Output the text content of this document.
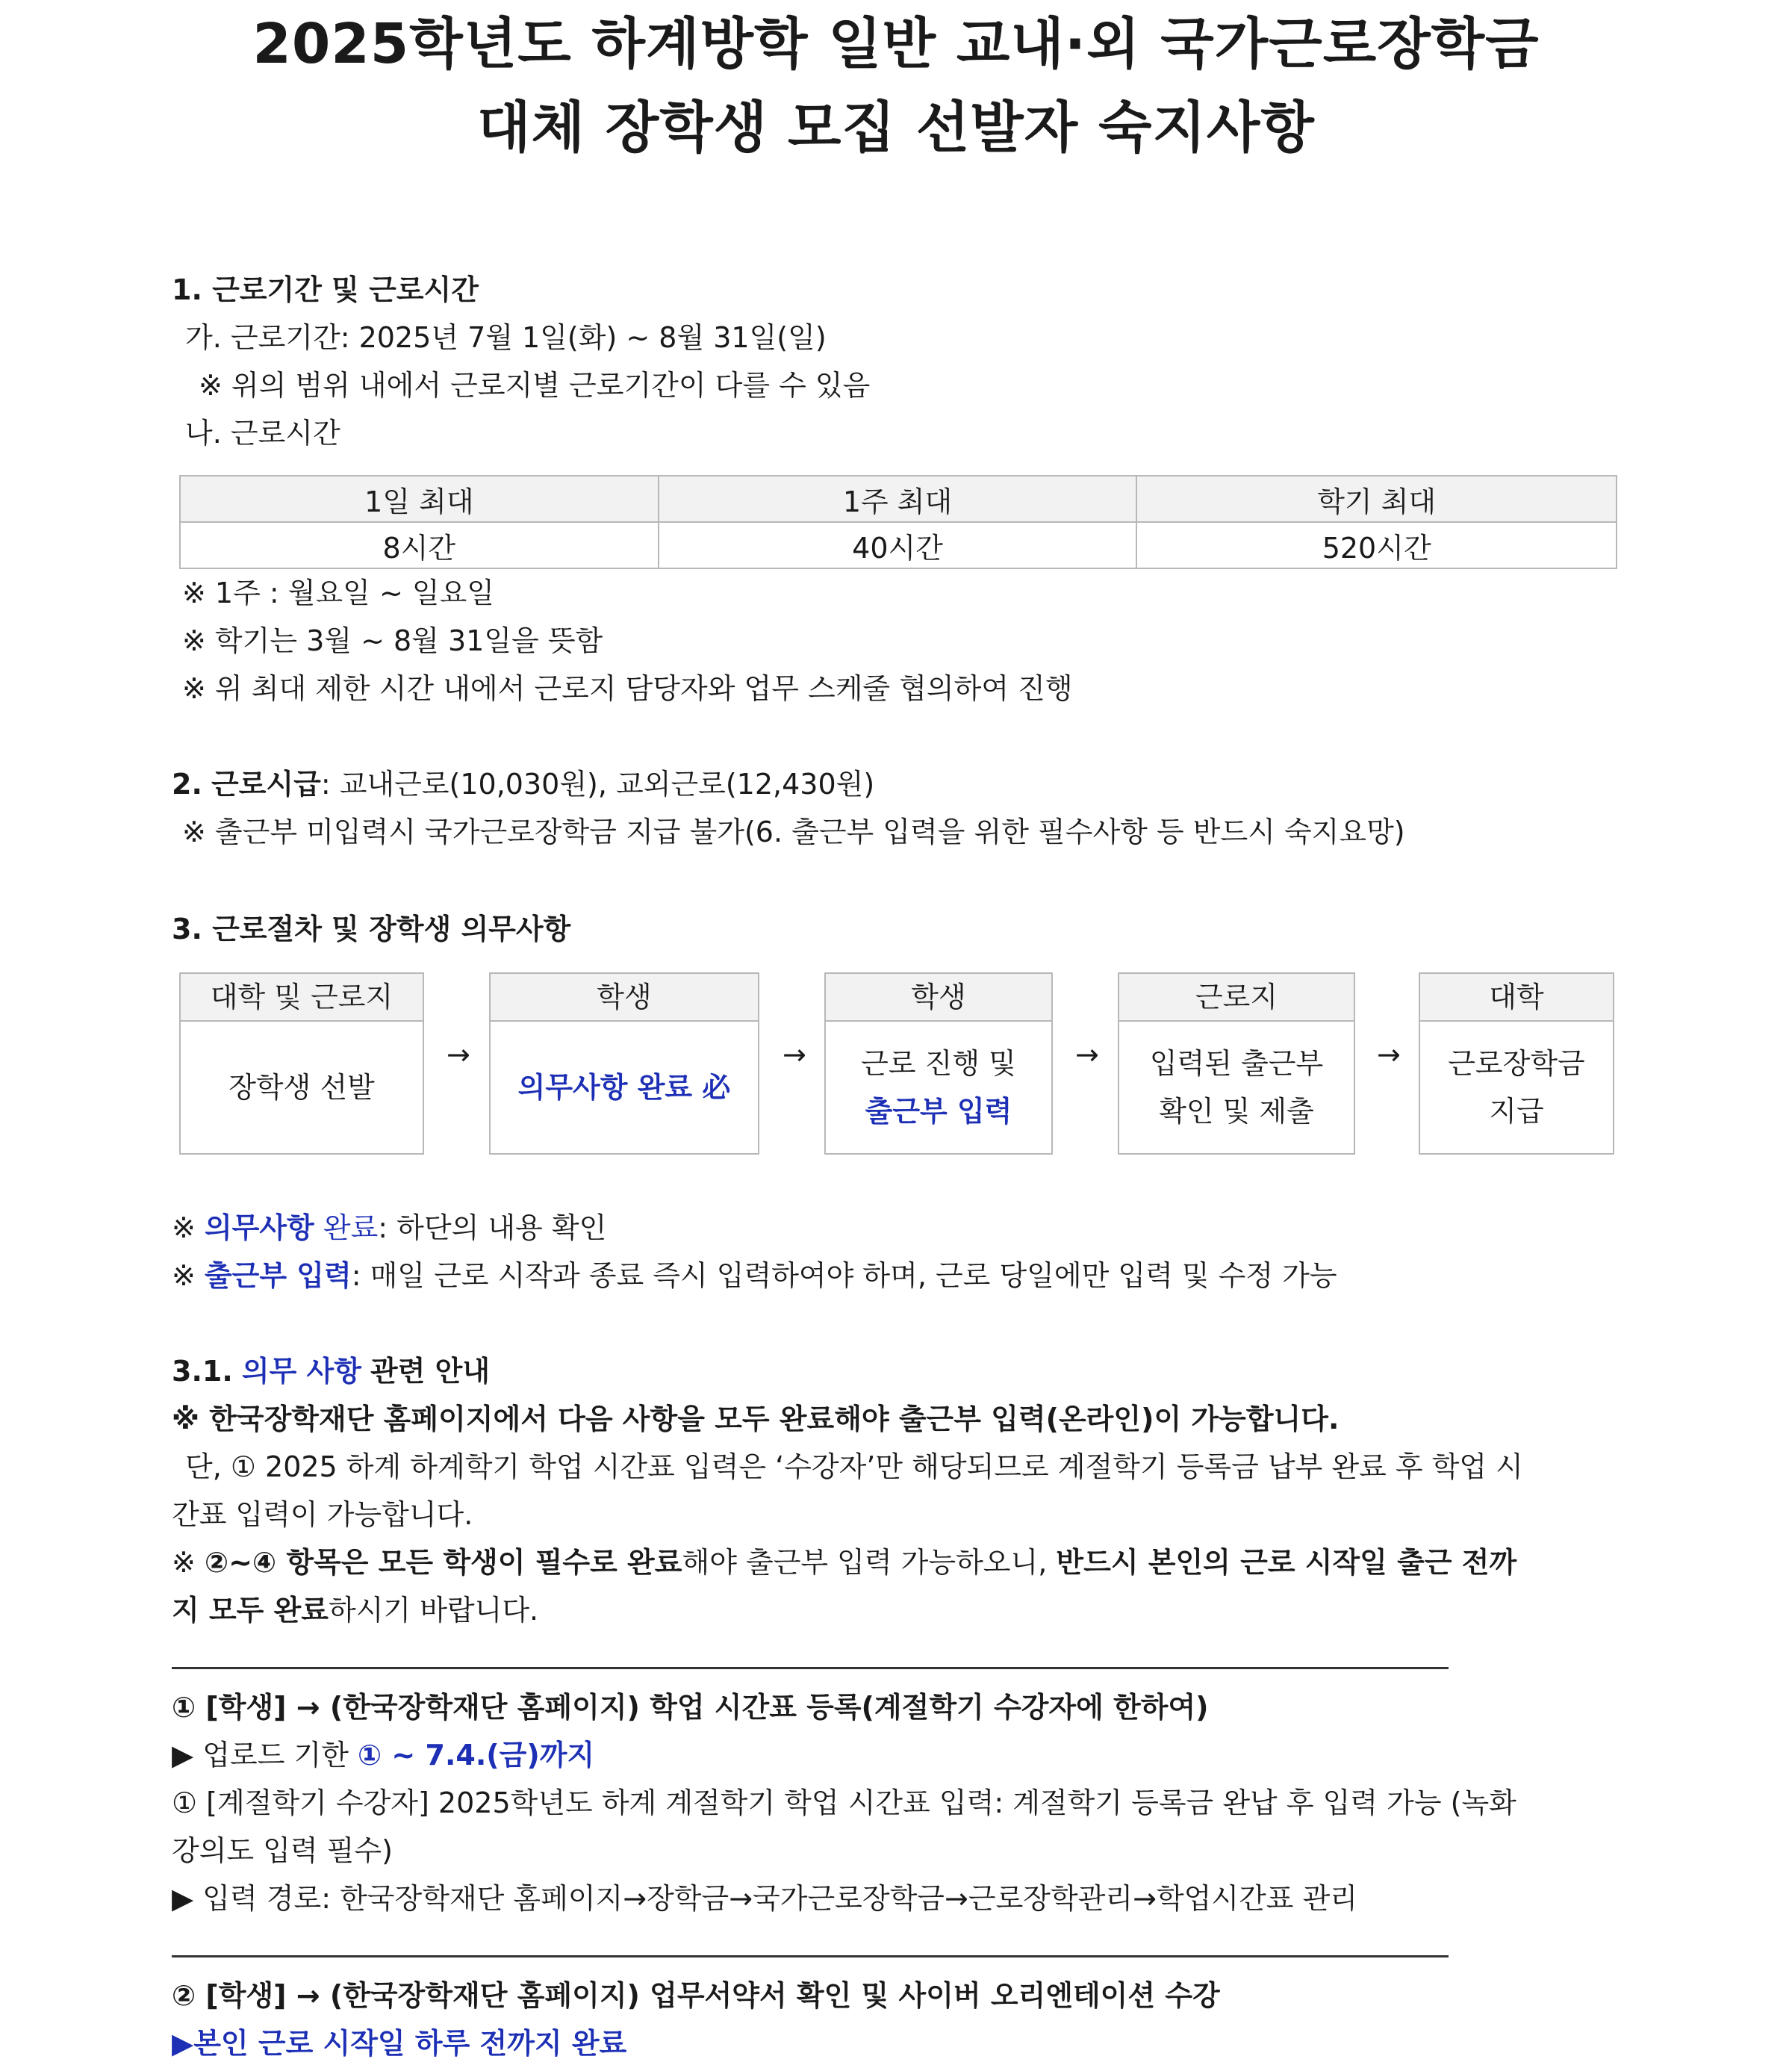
2025학년도 하계방학 일반 교내·외 국가근로장학금
대체 장학생 모집 선발자 숙지사항
1. 근로기간 및 근로시간
가. 근로기간: 2025년 7월 1일(화) ~ 8월 31일(일)
※ 위의 범위 내에서 근로지별 근로기간이 다를 수 있음
나. 근로시간
1일 최대	1주 최대	학기 최대
8시간	40시간	520시간
※ 1주 : 월요일 ~ 일요일
※ 학기는 3월 ~ 8월 31일을 뜻함
※ 위 최대 제한 시간 내에서 근로지 담당자와 업무 스케줄 협의하여 진행
2. 근로시급: 교내근로(10,030원), 교외근로(12,430원)
※ 출근부 미입력시 국가근로장학금 지급 불가(6. 출근부 입력을 위한 필수사항 등 반드시 숙지요망)
3. 근로절차 및 장학생 의무사항
대학 및 근로지
장학생 선발
→
학생
의무사항 완료 必
→
학생
근로 진행 및
출근부 입력
→
근로지
입력된 출근부
확인 및 제출
→
대학
근로장학금
지급
※ 의무사항 완료: 하단의 내용 확인
※ 출근부 입력: 매일 근로 시작과 종료 즉시 입력하여야 하며, 근로 당일에만 입력 및 수정 가능
3.1. 의무 사항 관련 안내
※ 한국장학재단 홈페이지에서 다음 사항을 모두 완료해야 출근부 입력(온라인)이 가능합니다.
단, ① 2025 하계 하계학기 학업 시간표 입력은 ‘수강자’만 해당되므로 계절학기 등록금 납부 완료 후 학업 시
간표 입력이 가능합니다.
※ ②~④ 항목은 모든 학생이 필수로 완료해야 출근부 입력 가능하오니, 반드시 본인의 근로 시작일 출근 전까
지 모두 완료하시기 바랍니다.
① [학생] → (한국장학재단 홈페이지) 학업 시간표 등록(계절학기 수강자에 한하여)
▶ 업로드 기한 ① ~ 7.4.(금)까지
① [계절학기 수강자] 2025학년도 하계 계절학기 학업 시간표 입력: 계절학기 등록금 완납 후 입력 가능 (녹화
강의도 입력 필수)
▶ 입력 경로: 한국장학재단 홈페이지→장학금→국가근로장학금→근로장학관리→학업시간표 관리
② [학생] → (한국장학재단 홈페이지) 업무서약서 확인 및 사이버 오리엔테이션 수강
▶본인 근로 시작일 하루 전까지 완료
